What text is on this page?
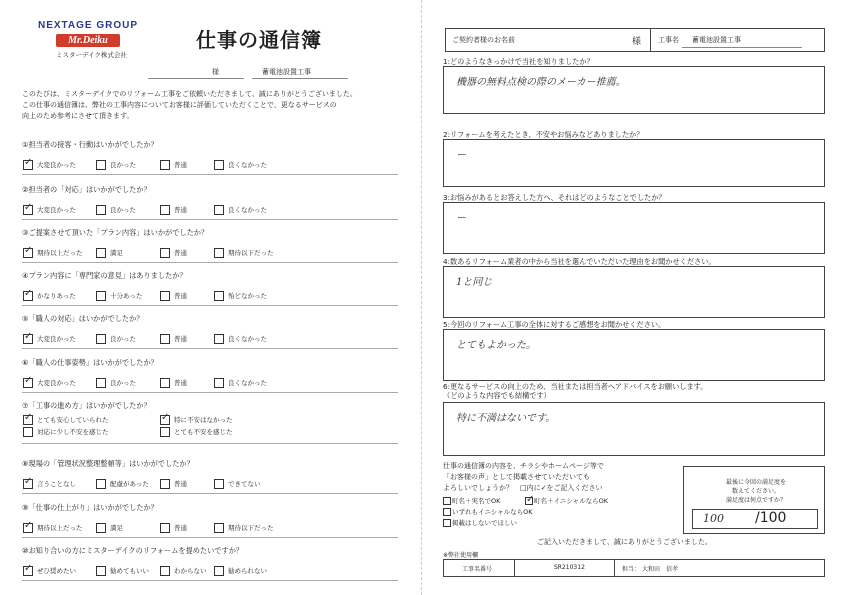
NEXTAGE GROUP
Mr.Deiku
ミスターデイク株式会社
仕事の通信簿
様	蓄電池設置工事
このたびは、ミスターデイクでのリフォーム工事をご依頼いただきまして、誠にありがとうございました。
この仕事の通信簿は、弊社の工事内容についてお客様に評価していただくことで、更なるサービスの
向上のため参考にさせて頂きます。
①担当者の接客・行動はいかがでしたか？
✓
大変良かった	良かった	普通	良くなかった
②担当者の「対応」はいかがでしたか？
✓
大変良かった	良かった	普通	良くなかった
③ご提案させて頂いた「プラン内容」はいかがでしたか？
✓
期待以上だった	満足	普通	期待以下だった
④プラン内容に「専門家の意見」はありましたか？
✓
かなりあった	十分あった	普通	殆どなかった
⑤「職人の対応」はいかがでしたか？
✓
大変良かった	良かった	普通	良くなかった
⑥「職人の仕事姿勢」はいかがでしたか？
✓
大変良かった	良かった	普通	良くなかった
⑦「工事の進め方」はいかがでしたか？
✓
とても安心していられた ✓	特に不安はなかった
対応に少し不安を感じた	とても不安を感じた
⑧現場の「管理状況整理整頓等」はいかがでしたか？
✓
言うことなし	配慮があった	普通	できてない
⑨「仕事の仕上がり」はいかがでしたか？
✓
期待以上だった	満足	普通	期待以下だった
⑩お知り合いの方にミスターデイクのリフォームを提めたいですか？
✓
ぜひ奨めたい	勧めてもいい	わからない	勧められない
ご契約者様のお名前	様 工事名 蓄電池設置工事
1:どのようなきっかけで当社を知りましたか？
機器の無料点検の際のメーカー推薦。
2:リフォームを考えたとき、不安やお悩みなどありましたか？
ー
3:お悩みがあるとお答えした方へ、それはどのようなことでしたか？
ー
4:数あるリフォーム業者の中から当社を選んでいただいた理由をお聞かせください。
1と同じ
5:今回のリフォーム工事の全体に対するご感想をお聞かせください。
とてもよかった。
6:更なるサービスの向上のため、当社または担当者へアドバイスをお願いします。
（どのような内容でも結構です）
特に不満はないです。
仕事の通信簿の内容を、チラシやホームページ等で
「お客様の声」として掲載させていただいても
よろしいでしょうか？　□内に✓をご記入ください
町名＋実名でOK ✓	町名＋イニシャルならOK
いずれもイニシャルならOK
掲載はしないでほしい
最後に今回の満足度を
数えてください。
満足度は何点ですか？
100 /100
ご記入いただきまして、誠にありがとうございました。
※弊社使用欄
工事名番号	SR210312	担当： 大和田　信孝
